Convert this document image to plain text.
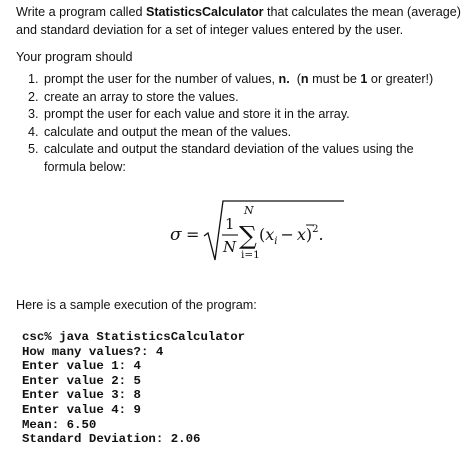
Write a program called StatisticsCalculator that calculates the mean (average) and standard deviation for a set of integer values entered by the user.

Your program should

1. prompt the user for the number of values, n.  (n must be 1 or greater!)
2. create an array to store the values.
3. prompt the user for each value and store it in the array.
4. calculate and output the mean of the values.
5. calculate and output the standard deviation of the values using the formula below:
σ =
1
N
N
∑
i=1
$(x_i - x)^2$.

Here is a sample execution of the program:

csc% java StatisticsCalculator
How many values?: 4
Enter value 1: 4
Enter value 2: 5
Enter value 3: 8
Enter value 4: 9
Mean: 6.50
Standard Deviation: 2.06
